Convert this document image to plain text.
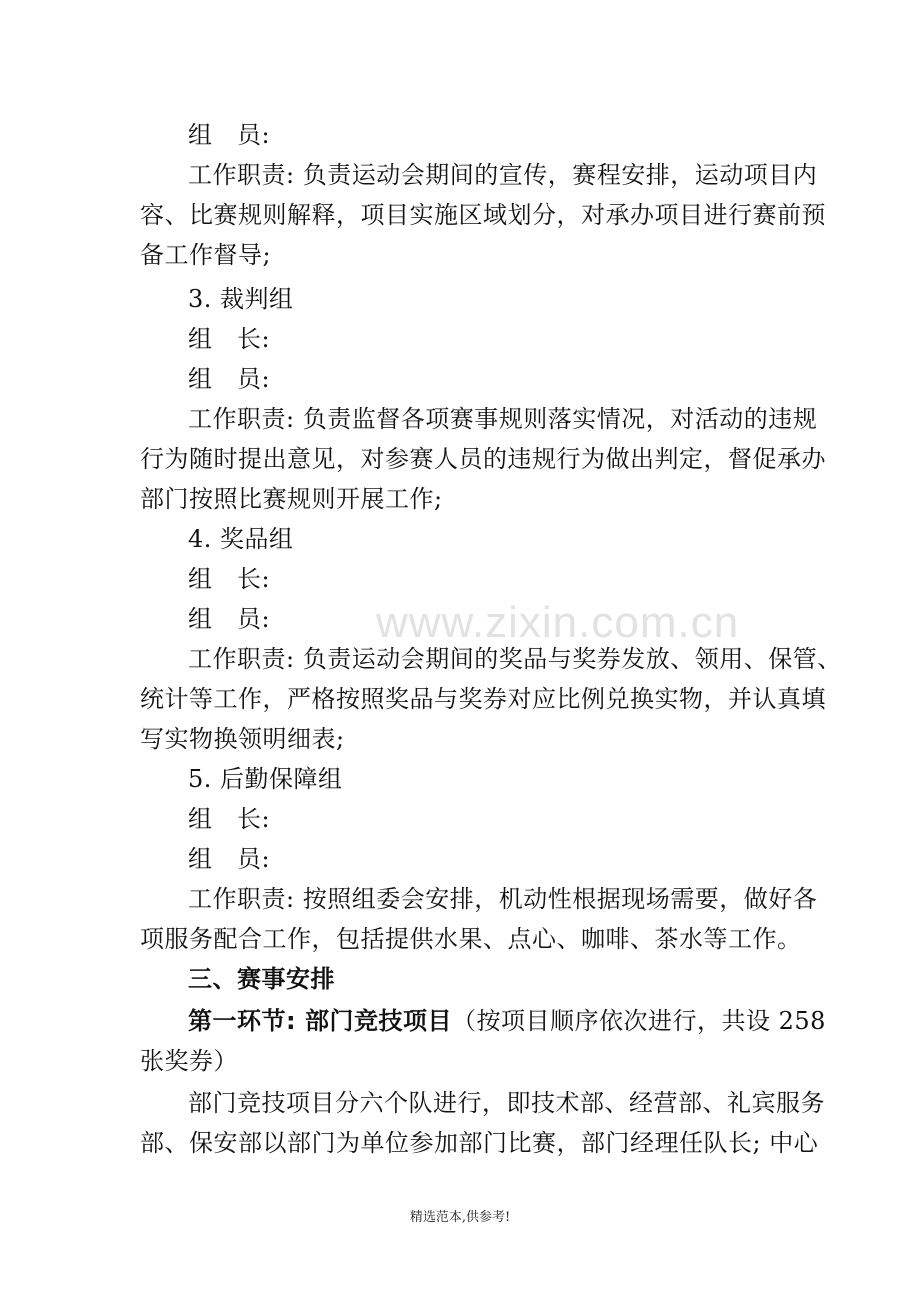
www.zixin.com.cn
组　员:
工作职责: 负责运动会期间的宣传，赛程安排，运动项目内
容、比赛规则解释，项目实施区域划分，对承办项目进行赛前预
备工作督导;
3. 裁判组
组　长:
组　员:
工作职责: 负责监督各项赛事规则落实情况，对活动的违规
行为随时提出意见，对参赛人员的违规行为做出判定，督促承办
部门按照比赛规则开展工作;
4. 奖品组
组　长:
组　员:
工作职责: 负责运动会期间的奖品与奖券发放、领用、保管、
统计等工作，严格按照奖品与奖券对应比例兑换实物，并认真填
写实物换领明细表;
5. 后勤保障组
组　长:
组　员:
工作职责: 按照组委会安排，机动性根据现场需要，做好各
项服务配合工作，包括提供水果、点心、咖啡、茶水等工作。
三、赛事安排
第一环节: 部门竞技项目（按项目顺序依次进行，共设 258
张奖券）
部门竞技项目分六个队进行，即技术部、经营部、礼宾服务
部、保安部以部门为单位参加部门比赛，部门经理任队长; 中心
精选范本,供参考!
